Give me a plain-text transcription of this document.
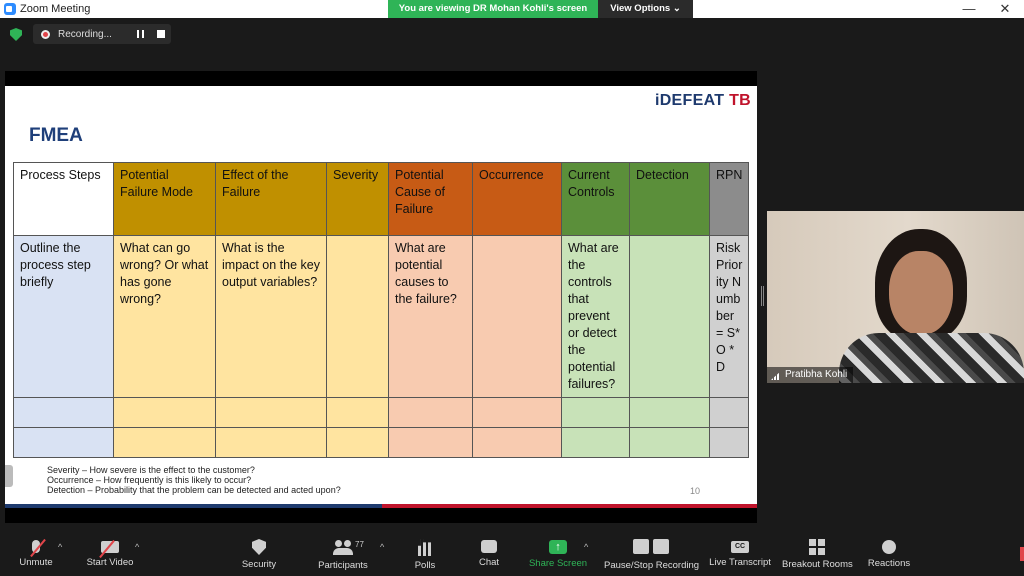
Zoom Meeting	—	✕
You are viewing DR Mohan Kohli's screen	View Options ⌄
Recording...
iDEFEAT TB
FMEA
Process Steps	Potential Failure Mode	Effect of the Failure	Severity	Potential Cause of Failure	Occurrence	Current Controls	Detection	RPN
Outline the process step briefly	What can go wrong? Or what has gone wrong?	What is the impact on the key output variables?		What are potential causes to the failure?		What are the controls that prevent or detect the potential failures?		Risk Prior ity Numb ber = S*O *D

Severity – How severe is the effect to the customer?
Occurrence – How frequently is this likely to occur?
Detection – Probability that the problem can be detected and acted upon?	10
Pratibha Kohli
Unmute
^
Start Video
^
Security	Participants
77 ^
Polls	Chat
↑
Share Screen
^
Pause/Stop Recording
CC
Live Transcript Breakout Rooms Reactions
